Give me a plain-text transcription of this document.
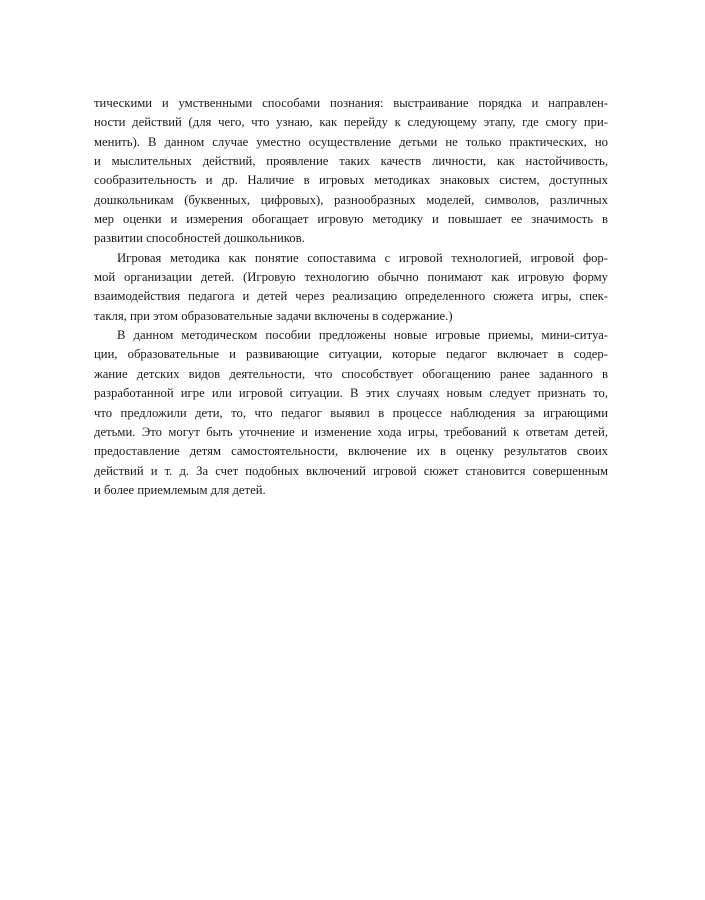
тическими и умственными способами познания: выстраивание порядка и направлен-
ности действий (для чего, что узнаю, как перейду к следующему этапу, где смогу при-
менить). В данном случае уместно осуществление детьми не только практических, но
и мыслительных действий, проявление таких качеств личности, как настойчивость,
сообразительность и др. Наличие в игровых методиках знаковых систем, доступных
дошкольникам (буквенных, цифровых), разнообразных моделей, символов, различных
мер оценки и измерения обогащает игровую методику и повышает ее значимость в
развитии способностей дошкольников.
Игровая методика как понятие сопоставима с игровой технологией, игровой фор-
мой организации детей. (Игровую технологию обычно понимают как игровую форму
взаимодействия педагога и детей через реализацию определенного сюжета игры, спек-
такля, при этом образовательные задачи включены в содержание.)
В данном методическом пособии предложены новые игровые приемы, мини-ситуа-
ции, образовательные и развивающие ситуации, которые педагог включает в содер-
жание детских видов деятельности, что способствует обогащению ранее заданного в
разработанной игре или игровой ситуации. В этих случаях новым следует признать то,
что предложили дети, то, что педагог выявил в процессе наблюдения за играющими
детьми. Это могут быть уточнение и изменение хода игры, требований к ответам детей,
предоставление детям самостоятельности, включение их в оценку результатов своих
действий и т. д. За счет подобных включений игровой сюжет становится совершенным
и более приемлемым для детей.
